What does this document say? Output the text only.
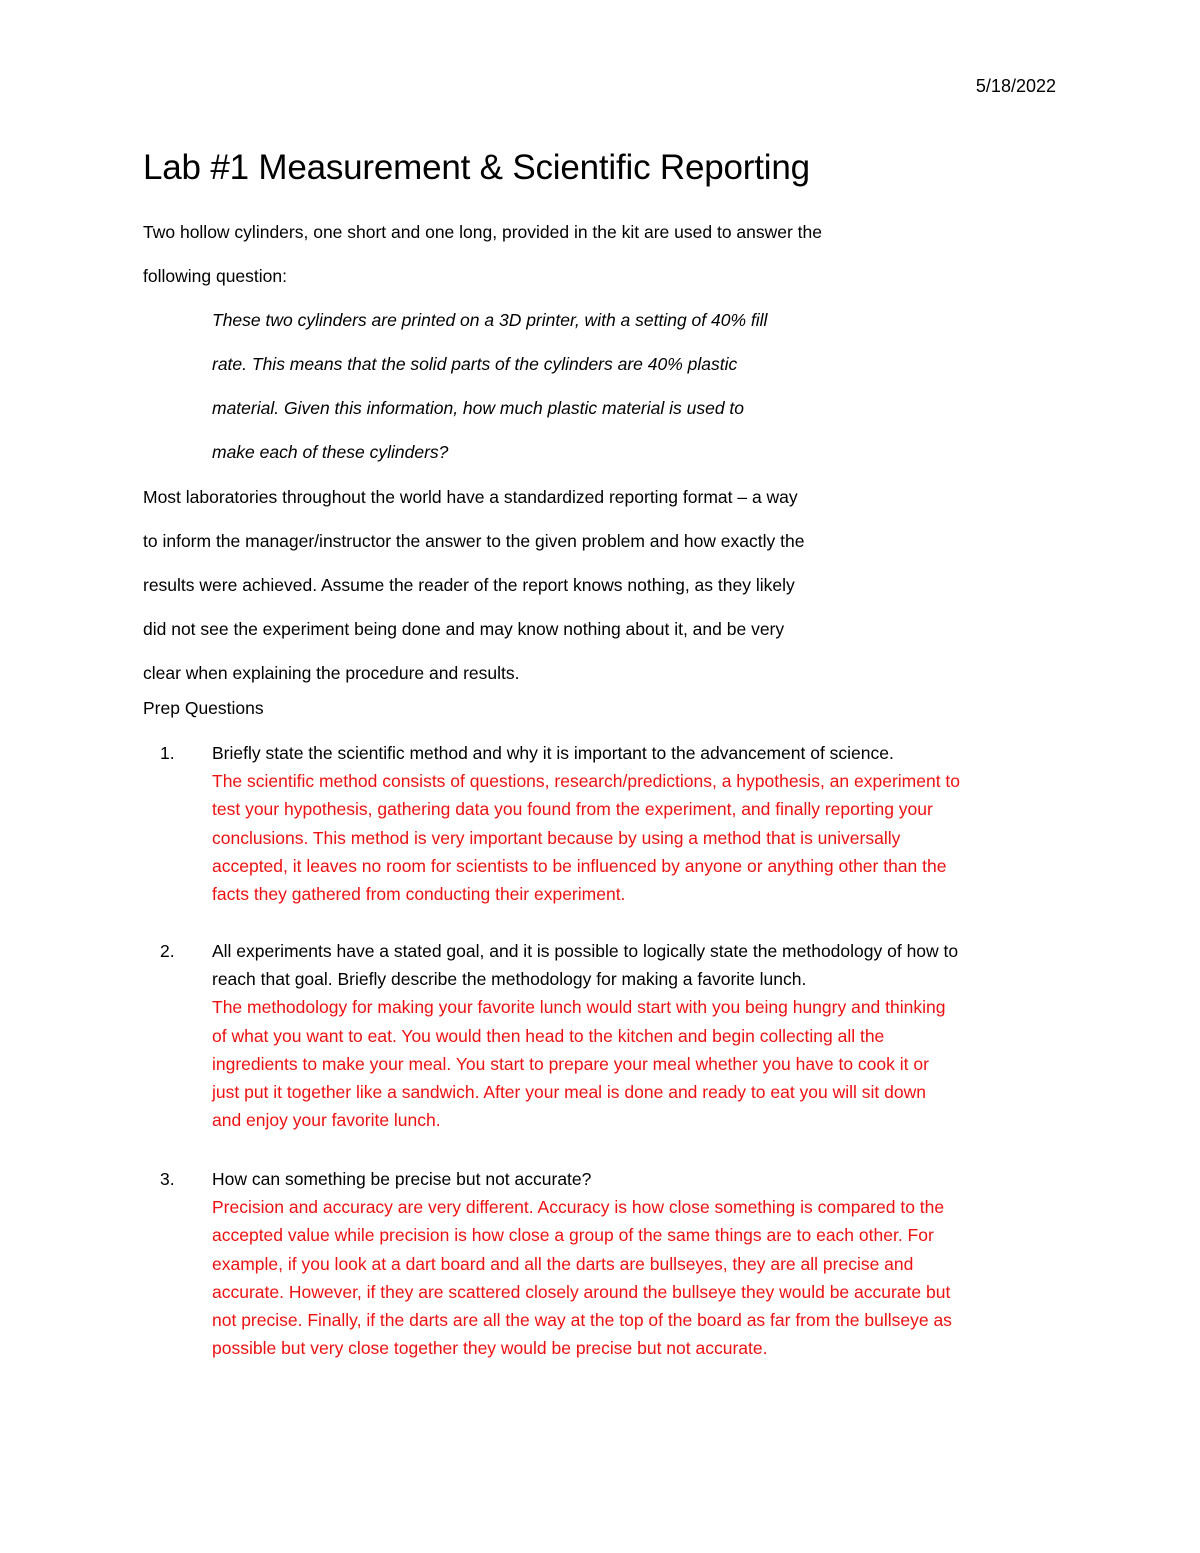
5/18/2022
Lab #1 Measurement & Scientific Reporting
Two hollow cylinders, one short and one long, provided in the kit are used to answer the
following question:
These two cylinders are printed on a 3D printer, with a setting of 40% fill
rate. This means that the solid parts of the cylinders are 40% plastic
material. Given this information, how much plastic material is used to
make each of these cylinders?
Most laboratories throughout the world have a standardized reporting format – a way
to inform the manager/instructor the answer to the given problem and how exactly the
results were achieved. Assume the reader of the report knows nothing, as they likely
did not see the experiment being done and may know nothing about it, and be very
clear when explaining the procedure and results.
Prep Questions
1.	Briefly state the scientific method and why it is important to the advancement of science.
The scientific method consists of questions, research/predictions, a hypothesis, an experiment to
test your hypothesis, gathering data you found from the experiment, and finally reporting your
conclusions. This method is very important because by using a method that is universally
accepted, it leaves no room for scientists to be influenced by anyone or anything other than the
facts they gathered from conducting their experiment.
2.	All experiments have a stated goal, and it is possible to logically state the methodology of how to
reach that goal. Briefly describe the methodology for making a favorite lunch.
The methodology for making your favorite lunch would start with you being hungry and thinking
of what you want to eat. You would then head to the kitchen and begin collecting all the
ingredients to make your meal. You start to prepare your meal whether you have to cook it or
just put it together like a sandwich. After your meal is done and ready to eat you will sit down
and enjoy your favorite lunch.
3.	How can something be precise but not accurate?
Precision and accuracy are very different. Accuracy is how close something is compared to the
accepted value while precision is how close a group of the same things are to each other. For
example, if you look at a dart board and all the darts are bullseyes, they are all precise and
accurate. However, if they are scattered closely around the bullseye they would be accurate but
not precise. Finally, if the darts are all the way at the top of the board as far from the bullseye as
possible but very close together they would be precise but not accurate.
